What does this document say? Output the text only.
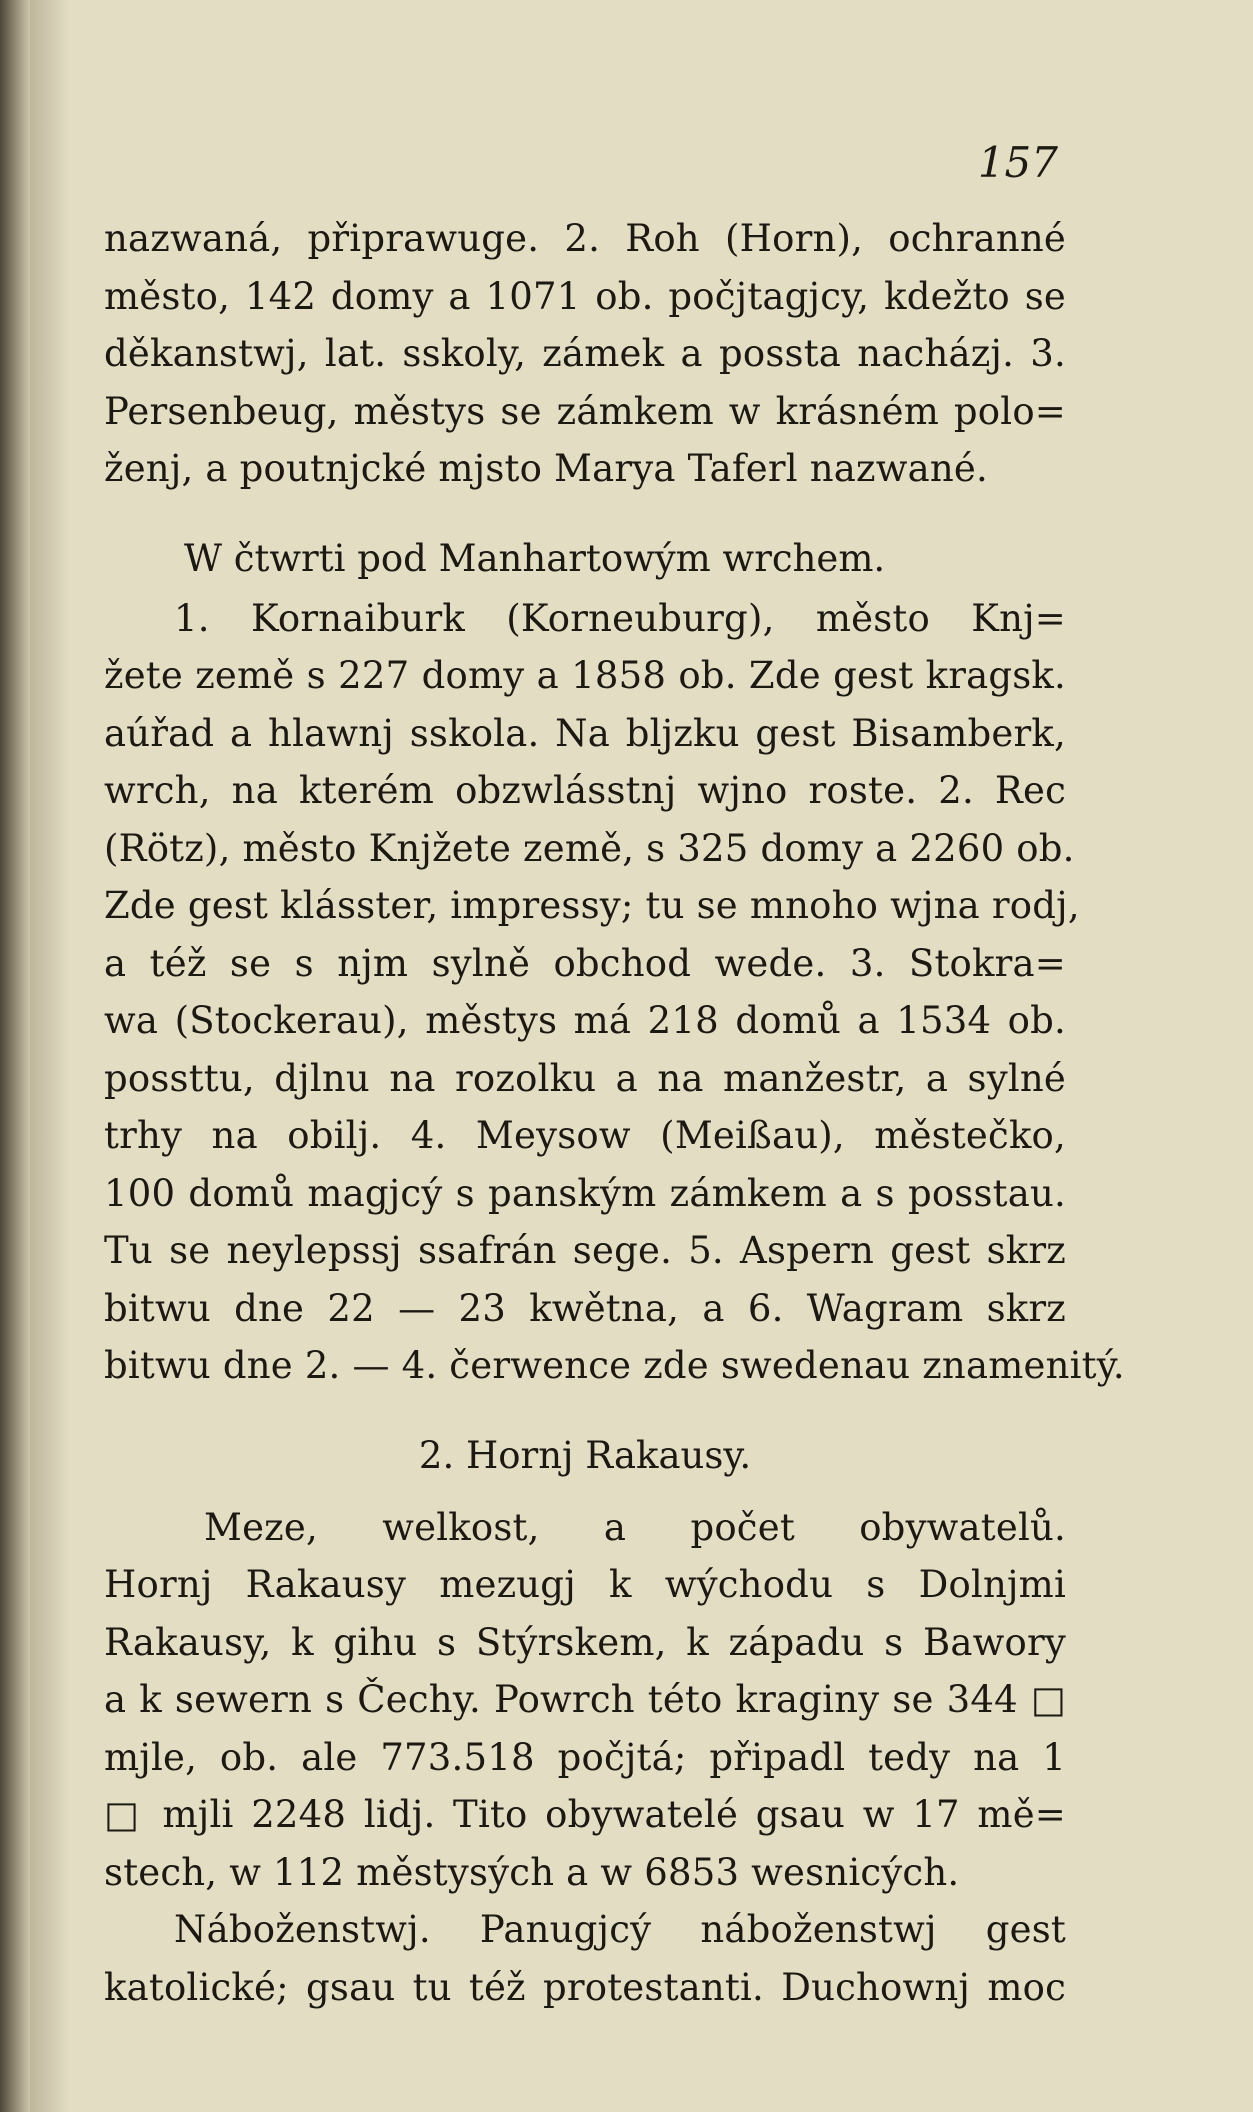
157
nazwaná, připrawuge. 2. Roh (Horn), ochranné
město, 142 domy a 1071 ob. počjtagjcy, kdežto se
děkanstwj, lat. sskoly, zámek a possta nacházj. 3.
Persenbeug, městys se zámkem w krásném polo=
ženj, a poutnjcké mjsto Marya Taferl nazwané.
W čtwrti pod Manhartowým wrchem.
1. Kornaiburk (Korneuburg), město Knj=
žete země s 227 domy a 1858 ob. Zde gest kragsk.
aúřad a hlawnj sskola. Na bljzku gest Bisamberk,
wrch, na kterém obzwlásstnj wjno roste. 2. Rec
(Rötz), město Knjžete země, s 325 domy a 2260 ob.
Zde gest klásster, impressy; tu se mnoho wjna rodj,
a též se s njm sylně obchod wede. 3. Stokra=
wa (Stockerau), městys má 218 domů a 1534 ob.
possttu, djlnu na rozolku a na manžestr, a sylné
trhy na obilj. 4. Meysow (Meißau), městečko,
100 domů magjcý s panským zámkem a s posstau.
Tu se neylepssj ssafrán sege. 5. Aspern gest skrz
bitwu dne 22 — 23 kwětna, a 6. Wagram skrz
bitwu dne 2. — 4. čerwence zde swedenau znamenitý.
2. Hornj Rakausy.
Meze, welkost, a počet obywatelů.
Hornj Rakausy mezugj k wýchodu s Dolnjmi
Rakausy, k gihu s Stýrskem, k západu s Bawory
a k sewern s Čechy. Powrch této kraginy se 344 □
mjle, ob. ale 773.518 počjtá; připadl tedy na 1
□ mjli 2248 lidj. Tito obywatelé gsau w 17 mě=
stech, w 112 městysých a w 6853 wesnicých.
Náboženstwj. Panugjcý náboženstwj gest
katolické; gsau tu též protestanti. Duchownj moc
